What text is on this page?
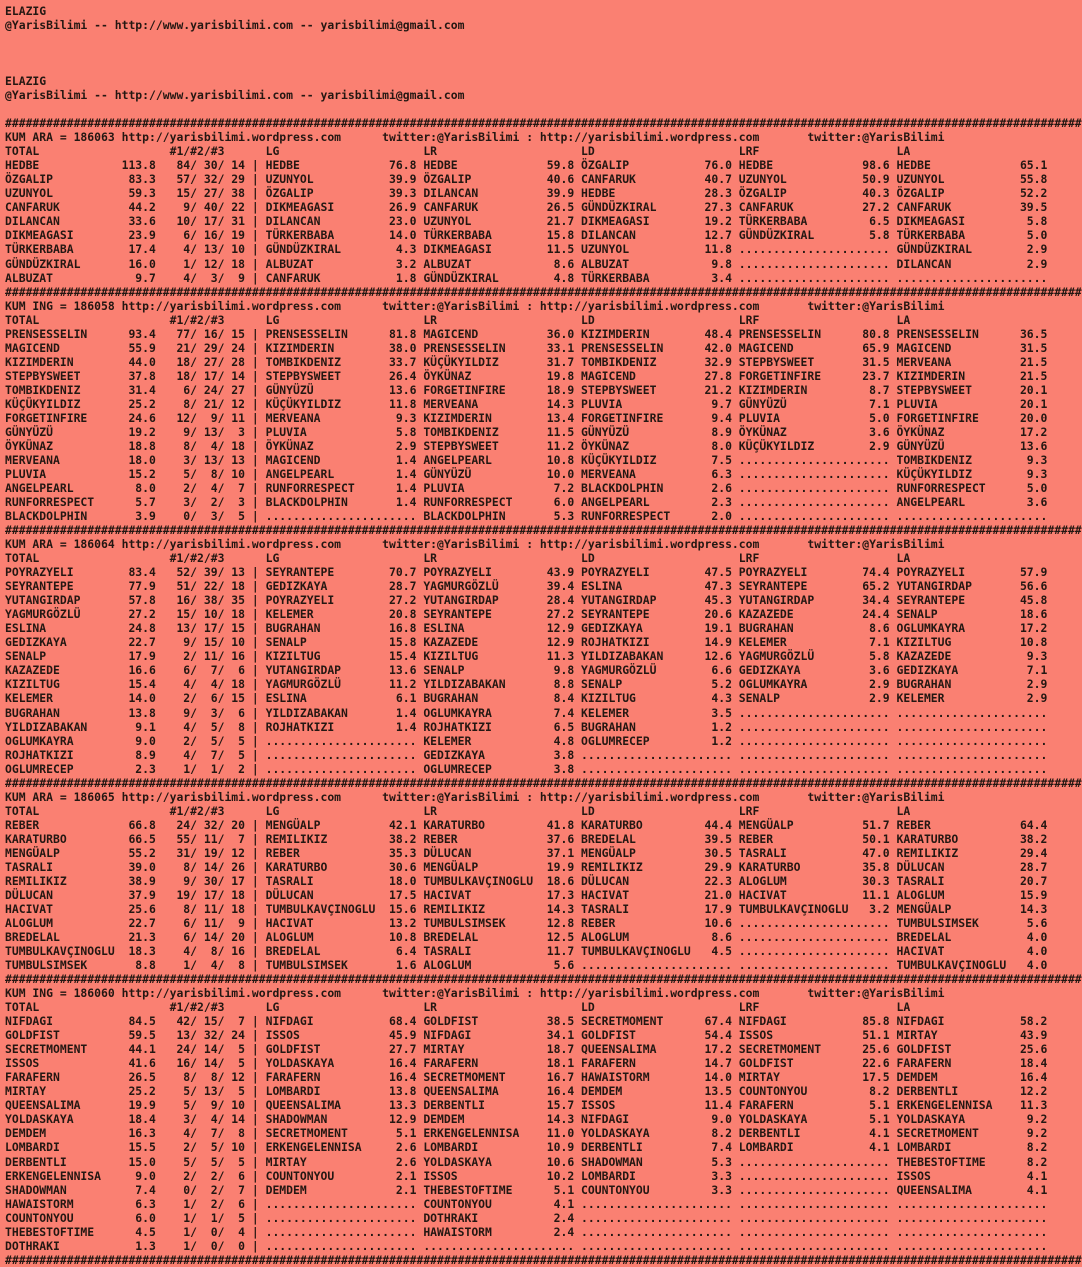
ELAZIG
@YarisBilimi -- http://www.yarisbilimi.com -- yarisbilimi@gmail.com
ELAZIG
@YarisBilimi -- http://www.yarisbilimi.com -- yarisbilimi@gmail.com
#############################################################################################################################################################
KUM ARA = 186063 http://yarisbilimi.wordpress.com      twitter:@YarisBilimi : http://yarisbilimi.wordpress.com       twitter:@YarisBilimi
TOTAL                   #1/#2/#3      LG                     LR                     LD                     LRF                    LA
HEDBE            113.8   84/ 30/ 14 | HEDBE             76.8 HEDBE             59.8 ÖZGALIP           76.0 HEDBE             98.6 HEDBE             65.1
ÖZGALIP           83.3   57/ 32/ 29 | UZUNYOL           39.9 ÖZGALIP           40.6 CANFARUK          40.7 UZUNYOL           50.9 UZUNYOL           55.8
UZUNYOL           59.3   15/ 27/ 38 | ÖZGALIP           39.3 DILANCAN          39.9 HEDBE             28.3 ÖZGALIP           40.3 ÖZGALIP           52.2
CANFARUK          44.2    9/ 40/ 22 | DIKMEAGASI        26.9 CANFARUK          26.5 GÜNDÜZKIRAL       27.3 CANFARUK          27.2 CANFARUK          39.5
DILANCAN          33.6   10/ 17/ 31 | DILANCAN          23.0 UZUNYOL           21.7 DIKMEAGASI        19.2 TÜRKERBABA         6.5 DIKMEAGASI         5.8
DIKMEAGASI        23.9    6/ 16/ 19 | TÜRKERBABA        14.0 TÜRKERBABA        15.8 DILANCAN          12.7 GÜNDÜZKIRAL        5.8 TÜRKERBABA         5.0
TÜRKERBABA        17.4    4/ 13/ 10 | GÜNDÜZKIRAL        4.3 DIKMEAGASI        11.5 UZUNYOL           11.8 ...................... GÜNDÜZKIRAL        2.9
GÜNDÜZKIRAL       16.0    1/ 12/ 18 | ALBUZAT            3.2 ALBUZAT            8.6 ALBUZAT            9.8 ...................... DILANCAN           2.9
ALBUZAT            9.7    4/  3/  9 | CANFARUK           1.8 GÜNDÜZKIRAL        4.8 TÜRKERBABA         3.4 ...................... ......................
#############################################################################################################################################################
KUM ING = 186058 http://yarisbilimi.wordpress.com      twitter:@YarisBilimi : http://yarisbilimi.wordpress.com       twitter:@YarisBilimi
TOTAL                   #1/#2/#3      LG                     LR                     LD                     LRF                    LA
PRENSESSELIN      93.4   77/ 16/ 15 | PRENSESSELIN      81.8 MAGICEND          36.0 KIZIMDERIN        48.4 PRENSESSELIN      80.8 PRENSESSELIN      36.5
MAGICEND          55.9   21/ 29/ 24 | KIZIMDERIN        38.0 PRENSESSELIN      33.1 PRENSESSELIN      42.0 MAGICEND          65.9 MAGICEND          31.5
KIZIMDERIN        44.0   18/ 27/ 28 | TOMBIKDENIZ       33.7 KÜÇÜKYILDIZ       31.7 TOMBIKDENIZ       32.9 STEPBYSWEET       31.5 MERVEANA          21.5
STEPBYSWEET       37.8   18/ 17/ 14 | STEPBYSWEET       26.4 ÖYKÜNAZ           19.8 MAGICEND          27.8 FORGETINFIRE      23.7 KIZIMDERIN        21.5
TOMBIKDENIZ       31.4    6/ 24/ 27 | GÜNYÜZÜ           13.6 FORGETINFIRE      18.9 STEPBYSWEET       21.2 KIZIMDERIN         8.7 STEPBYSWEET       20.1
KÜÇÜKYILDIZ       25.2    8/ 21/ 12 | KÜÇÜKYILDIZ       11.8 MERVEANA          14.3 PLUVIA             9.7 GÜNYÜZÜ            7.1 PLUVIA            20.1
FORGETINFIRE      24.6   12/  9/ 11 | MERVEANA           9.3 KIZIMDERIN        13.4 FORGETINFIRE       9.4 PLUVIA             5.0 FORGETINFIRE      20.0
GÜNYÜZÜ           19.2    9/ 13/  3 | PLUVIA             5.8 TOMBIKDENIZ       11.5 GÜNYÜZÜ            8.9 ÖYKÜNAZ            3.6 ÖYKÜNAZ           17.2
ÖYKÜNAZ           18.8    8/  4/ 18 | ÖYKÜNAZ            2.9 STEPBYSWEET       11.2 ÖYKÜNAZ            8.0 KÜÇÜKYILDIZ        2.9 GÜNYÜZÜ           13.6
MERVEANA          18.0    3/ 13/ 13 | MAGICEND           1.4 ANGELPEARL        10.8 KÜÇÜKYILDIZ        7.5 ...................... TOMBIKDENIZ        9.3
PLUVIA            15.2    5/  8/ 10 | ANGELPEARL         1.4 GÜNYÜZÜ           10.0 MERVEANA           6.3 ...................... KÜÇÜKYILDIZ        9.3
ANGELPEARL         8.0    2/  4/  7 | RUNFORRESPECT      1.4 PLUVIA             7.2 BLACKDOLPHIN       2.6 ...................... RUNFORRESPECT      5.0
RUNFORRESPECT      5.7    3/  2/  3 | BLACKDOLPHIN       1.4 RUNFORRESPECT      6.0 ANGELPEARL         2.3 ...................... ANGELPEARL         3.6
BLACKDOLPHIN       3.9    0/  3/  5 | ...................... BLACKDOLPHIN       5.3 RUNFORRESPECT      2.0 ...................... ......................
#############################################################################################################################################################
KUM ARA = 186064 http://yarisbilimi.wordpress.com      twitter:@YarisBilimi : http://yarisbilimi.wordpress.com       twitter:@YarisBilimi
TOTAL                   #1/#2/#3      LG                     LR                     LD                     LRF                    LA
POYRAZYELI        83.4   52/ 39/ 13 | SEYRANTEPE        70.7 POYRAZYELI        43.9 POYRAZYELI        47.5 POYRAZYELI        74.4 POYRAZYELI        57.9
SEYRANTEPE        77.9   51/ 22/ 18 | GEDIZKAYA         28.7 YAGMURGÖZLÜ       39.4 ESLINA            47.3 SEYRANTEPE        65.2 YUTANGIRDAP       56.6
YUTANGIRDAP       57.8   16/ 38/ 35 | POYRAZYELI        27.2 YUTANGIRDAP       28.4 YUTANGIRDAP       45.3 YUTANGIRDAP       34.4 SEYRANTEPE        45.8
YAGMURGÖZLÜ       27.2   15/ 10/ 18 | KELEMER           20.8 SEYRANTEPE        27.2 SEYRANTEPE        20.6 KAZAZEDE          24.4 SENALP            18.6
ESLINA            24.8   13/ 17/ 15 | BUGRAHAN          16.8 ESLINA            12.9 GEDIZKAYA         19.1 BUGRAHAN           8.6 OGLUMKAYRA        17.2
GEDIZKAYA         22.7    9/ 15/ 10 | SENALP            15.8 KAZAZEDE          12.9 ROJHATKIZI        14.9 KELEMER            7.1 KIZILTUG          10.8
SENALP            17.9    2/ 11/ 16 | KIZILTUG          15.4 KIZILTUG          11.3 YILDIZABAKAN      12.6 YAGMURGÖZLÜ        5.8 KAZAZEDE           9.3
KAZAZEDE          16.6    6/  7/  6 | YUTANGIRDAP       13.6 SENALP             9.8 YAGMURGÖZLÜ        6.6 GEDIZKAYA          3.6 GEDIZKAYA          7.1
KIZILTUG          15.4    4/  4/ 18 | YAGMURGÖZLÜ       11.2 YILDIZABAKAN       8.8 SENALP             5.2 OGLUMKAYRA         2.9 BUGRAHAN           2.9
KELEMER           14.0    2/  6/ 15 | ESLINA             6.1 BUGRAHAN           8.4 KIZILTUG           4.3 SENALP             2.9 KELEMER            2.9
BUGRAHAN          13.8    9/  3/  6 | YILDIZABAKAN       1.4 OGLUMKAYRA         7.4 KELEMER            3.5 ...................... ......................
YILDIZABAKAN       9.1    4/  5/  8 | ROJHATKIZI         1.4 ROJHATKIZI         6.5 BUGRAHAN           1.2 ...................... ......................
OGLUMKAYRA         9.0    2/  5/  5 | ...................... KELEMER            4.8 OGLUMRECEP         1.2 ...................... ......................
ROJHATKIZI         8.9    4/  7/  5 | ...................... GEDIZKAYA          3.8 ...................... ...................... ......................
OGLUMRECEP         2.3    1/  1/  2 | ...................... OGLUMRECEP         3.8 ...................... ...................... ......................
#############################################################################################################################################################
KUM ARA = 186065 http://yarisbilimi.wordpress.com      twitter:@YarisBilimi : http://yarisbilimi.wordpress.com       twitter:@YarisBilimi
TOTAL                   #1/#2/#3      LG                     LR                     LD                     LRF                    LA
REBER             66.8   24/ 32/ 20 | MENGÜALP          42.1 KARATURBO         41.8 KARATURBO         44.4 MENGÜALP          51.7 REBER             64.4
KARATURBO         66.5   55/ 11/  7 | REMILIKIZ         38.2 REBER             37.6 BREDELAL          39.5 REBER             50.1 KARATURBO         38.2
MENGÜALP          55.2   31/ 19/ 12 | REBER             35.3 DÜLUCAN           37.1 MENGÜALP          30.5 TASRALI           47.0 REMILIKIZ         29.4
TASRALI           39.0    8/ 14/ 26 | KARATURBO         30.6 MENGÜALP          19.9 REMILIKIZ         29.9 KARATURBO         35.8 DÜLUCAN           28.7
REMILIKIZ         38.9    9/ 30/ 17 | TASRALI           18.0 TUMBULKAVÇINOGLU  18.6 DÜLUCAN           22.3 ALOGLUM           30.3 TASRALI           20.7
DÜLUCAN           37.9   19/ 17/ 18 | DÜLUCAN           17.5 HACIVAT           17.3 HACIVAT           21.0 HACIVAT           11.1 ALOGLUM           15.9
HACIVAT           25.6    8/ 11/ 18 | TUMBULKAVÇINOGLU  15.6 REMILIKIZ         14.3 TASRALI           17.9 TUMBULKAVÇINOGLU   3.2 MENGÜALP          14.3
ALOGLUM           22.7    6/ 11/  9 | HACIVAT           13.2 TUMBULSIMSEK      12.8 REBER             10.6 ...................... TUMBULSIMSEK       5.6
BREDELAL          21.3    6/ 14/ 20 | ALOGLUM           10.8 BREDELAL          12.5 ALOGLUM            8.6 ...................... BREDELAL           4.0
TUMBULKAVÇINOGLU  18.3    4/  8/ 16 | BREDELAL           6.4 TASRALI           11.7 TUMBULKAVÇINOGLU   4.5 ...................... HACIVAT            4.0
TUMBULSIMSEK       8.8    1/  4/  8 | TUMBULSIMSEK       1.6 ALOGLUM            5.6 ...................... ...................... TUMBULKAVÇINOGLU   4.0
#############################################################################################################################################################
KUM ING = 186060 http://yarisbilimi.wordpress.com      twitter:@YarisBilimi : http://yarisbilimi.wordpress.com       twitter:@YarisBilimi
TOTAL                   #1/#2/#3      LG                     LR                     LD                     LRF                    LA
NIFDAGI           84.5   42/ 15/  7 | NIFDAGI           68.4 GOLDFIST          38.5 SECRETMOMENT      67.4 NIFDAGI           85.8 NIFDAGI           58.2
GOLDFIST          59.5   13/ 32/ 24 | ISSOS             45.9 NIFDAGI           34.1 GOLDFIST          54.4 ISSOS             51.1 MIRTAY            43.9
SECRETMOMENT      44.1   24/ 14/  5 | GOLDFIST          27.7 MIRTAY            18.7 QUEENSALIMA       17.2 SECRETMOMENT      25.6 GOLDFIST          25.6
ISSOS             41.6   16/ 14/  5 | YOLDASKAYA        16.4 FARAFERN          18.1 FARAFERN          14.7 GOLDFIST          22.6 FARAFERN          18.4
FARAFERN          26.5    8/  8/ 12 | FARAFERN          16.4 SECRETMOMENT      16.7 HAWAISTORM        14.0 MIRTAY            17.5 DEMDEM            16.4
MIRTAY            25.2    5/ 13/  5 | LOMBARDI          13.8 QUEENSALIMA       16.4 DEMDEM            13.5 COUNTONYOU         8.2 DERBENTLI         12.2
QUEENSALIMA       19.9    5/  9/ 10 | QUEENSALIMA       13.3 DERBENTLI         15.7 ISSOS             11.4 FARAFERN           5.1 ERKENGELENNISA    11.3
YOLDASKAYA        18.4    3/  4/ 14 | SHADOWMAN         12.9 DEMDEM            14.3 NIFDAGI            9.0 YOLDASKAYA         5.1 YOLDASKAYA         9.2
DEMDEM            16.3    4/  7/  8 | SECRETMOMENT       5.1 ERKENGELENNISA    11.0 YOLDASKAYA         8.2 DERBENTLI          4.1 SECRETMOMENT       9.2
LOMBARDI          15.5    2/  5/ 10 | ERKENGELENNISA     2.6 LOMBARDI          10.9 DERBENTLI          7.4 LOMBARDI           4.1 LOMBARDI           8.2
DERBENTLI         15.0    5/  5/  5 | MIRTAY             2.6 YOLDASKAYA        10.6 SHADOWMAN          5.3 ...................... THEBESTOFTIME      8.2
ERKENGELENNISA     9.0    2/  2/  6 | COUNTONYOU         2.1 ISSOS             10.2 LOMBARDI           3.3 ...................... ISSOS              4.1
SHADOWMAN          7.4    0/  2/  7 | DEMDEM             2.1 THEBESTOFTIME      5.1 COUNTONYOU         3.3 ...................... QUEENSALIMA        4.1
HAWAISTORM         6.3    1/  2/  6 | ...................... COUNTONYOU         4.1 ...................... ...................... ......................
COUNTONYOU         6.0    1/  1/  5 | ...................... DOTHRAKI           2.4 ...................... ...................... ......................
THEBESTOFTIME      4.5    1/  0/  4 | ...................... HAWAISTORM         2.4 ...................... ...................... ......................
DOTHRAKI           1.3    1/  0/  0 | ...................... ...................... ...................... ...................... ......................
#############################################################################################################################################################
